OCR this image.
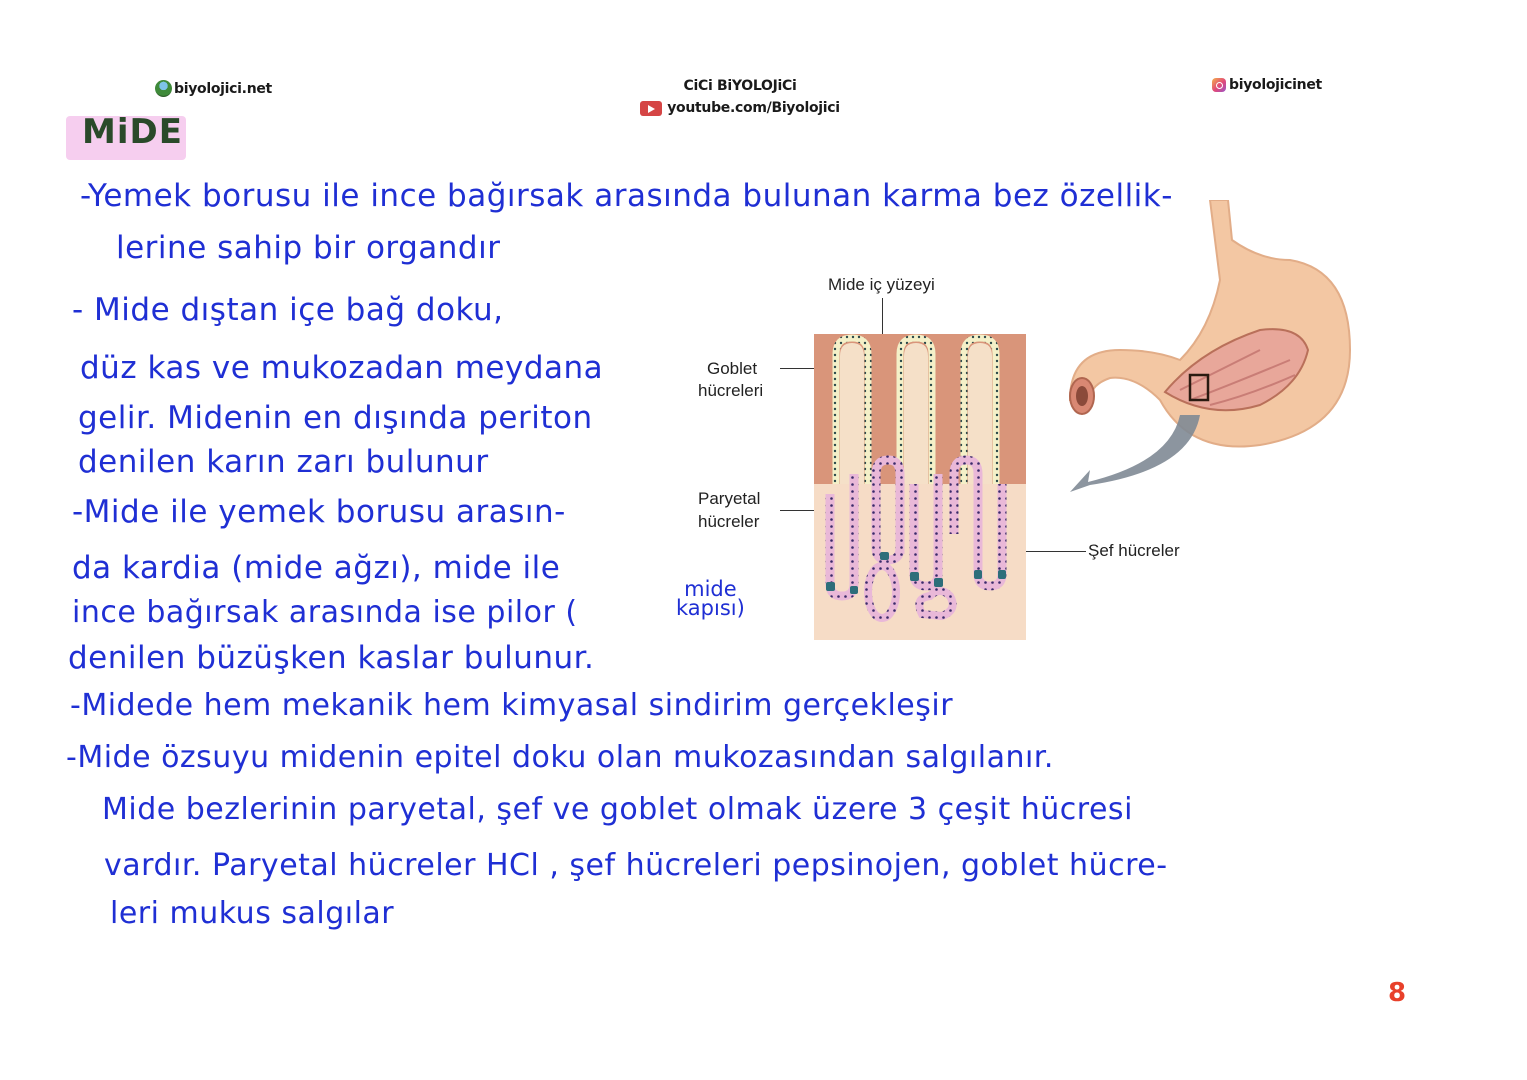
biyolojici.net	CiCi BiYOLOJiCi
youtube.com/Biyolojici
biyolojicinet
MiDE
-Yemek borusu ile ince bağırsak arasında bulunan karma bez özellik-
lerine sahip bir organdır
- Mide dıştan içe bağ doku,
düz kas ve mukozadan meydana
gelir. Midenin en dışında periton
denilen karın zarı bulunur
-Mide ile yemek borusu arasın-
da kardia (mide ağzı), mide ile
ince bağırsak arasında ise pilor (
mide
kapısı)
denilen büzüşken kaslar bulunur.
-Midede hem mekanik hem kimyasal sindirim gerçekleşir
-Mide özsuyu midenin epitel doku olan mukozasından salgılanır.
Mide bezlerinin paryetal, şef ve goblet olmak üzere 3 çeşit hücresi
vardır. Paryetal hücreler HCl , şef hücreleri pepsinojen, goblet hücre-
leri mukus salgılar
Mide iç yüzeyi
Goblet
hücreleri
Paryetal
hücreler
Şef hücreler
8
